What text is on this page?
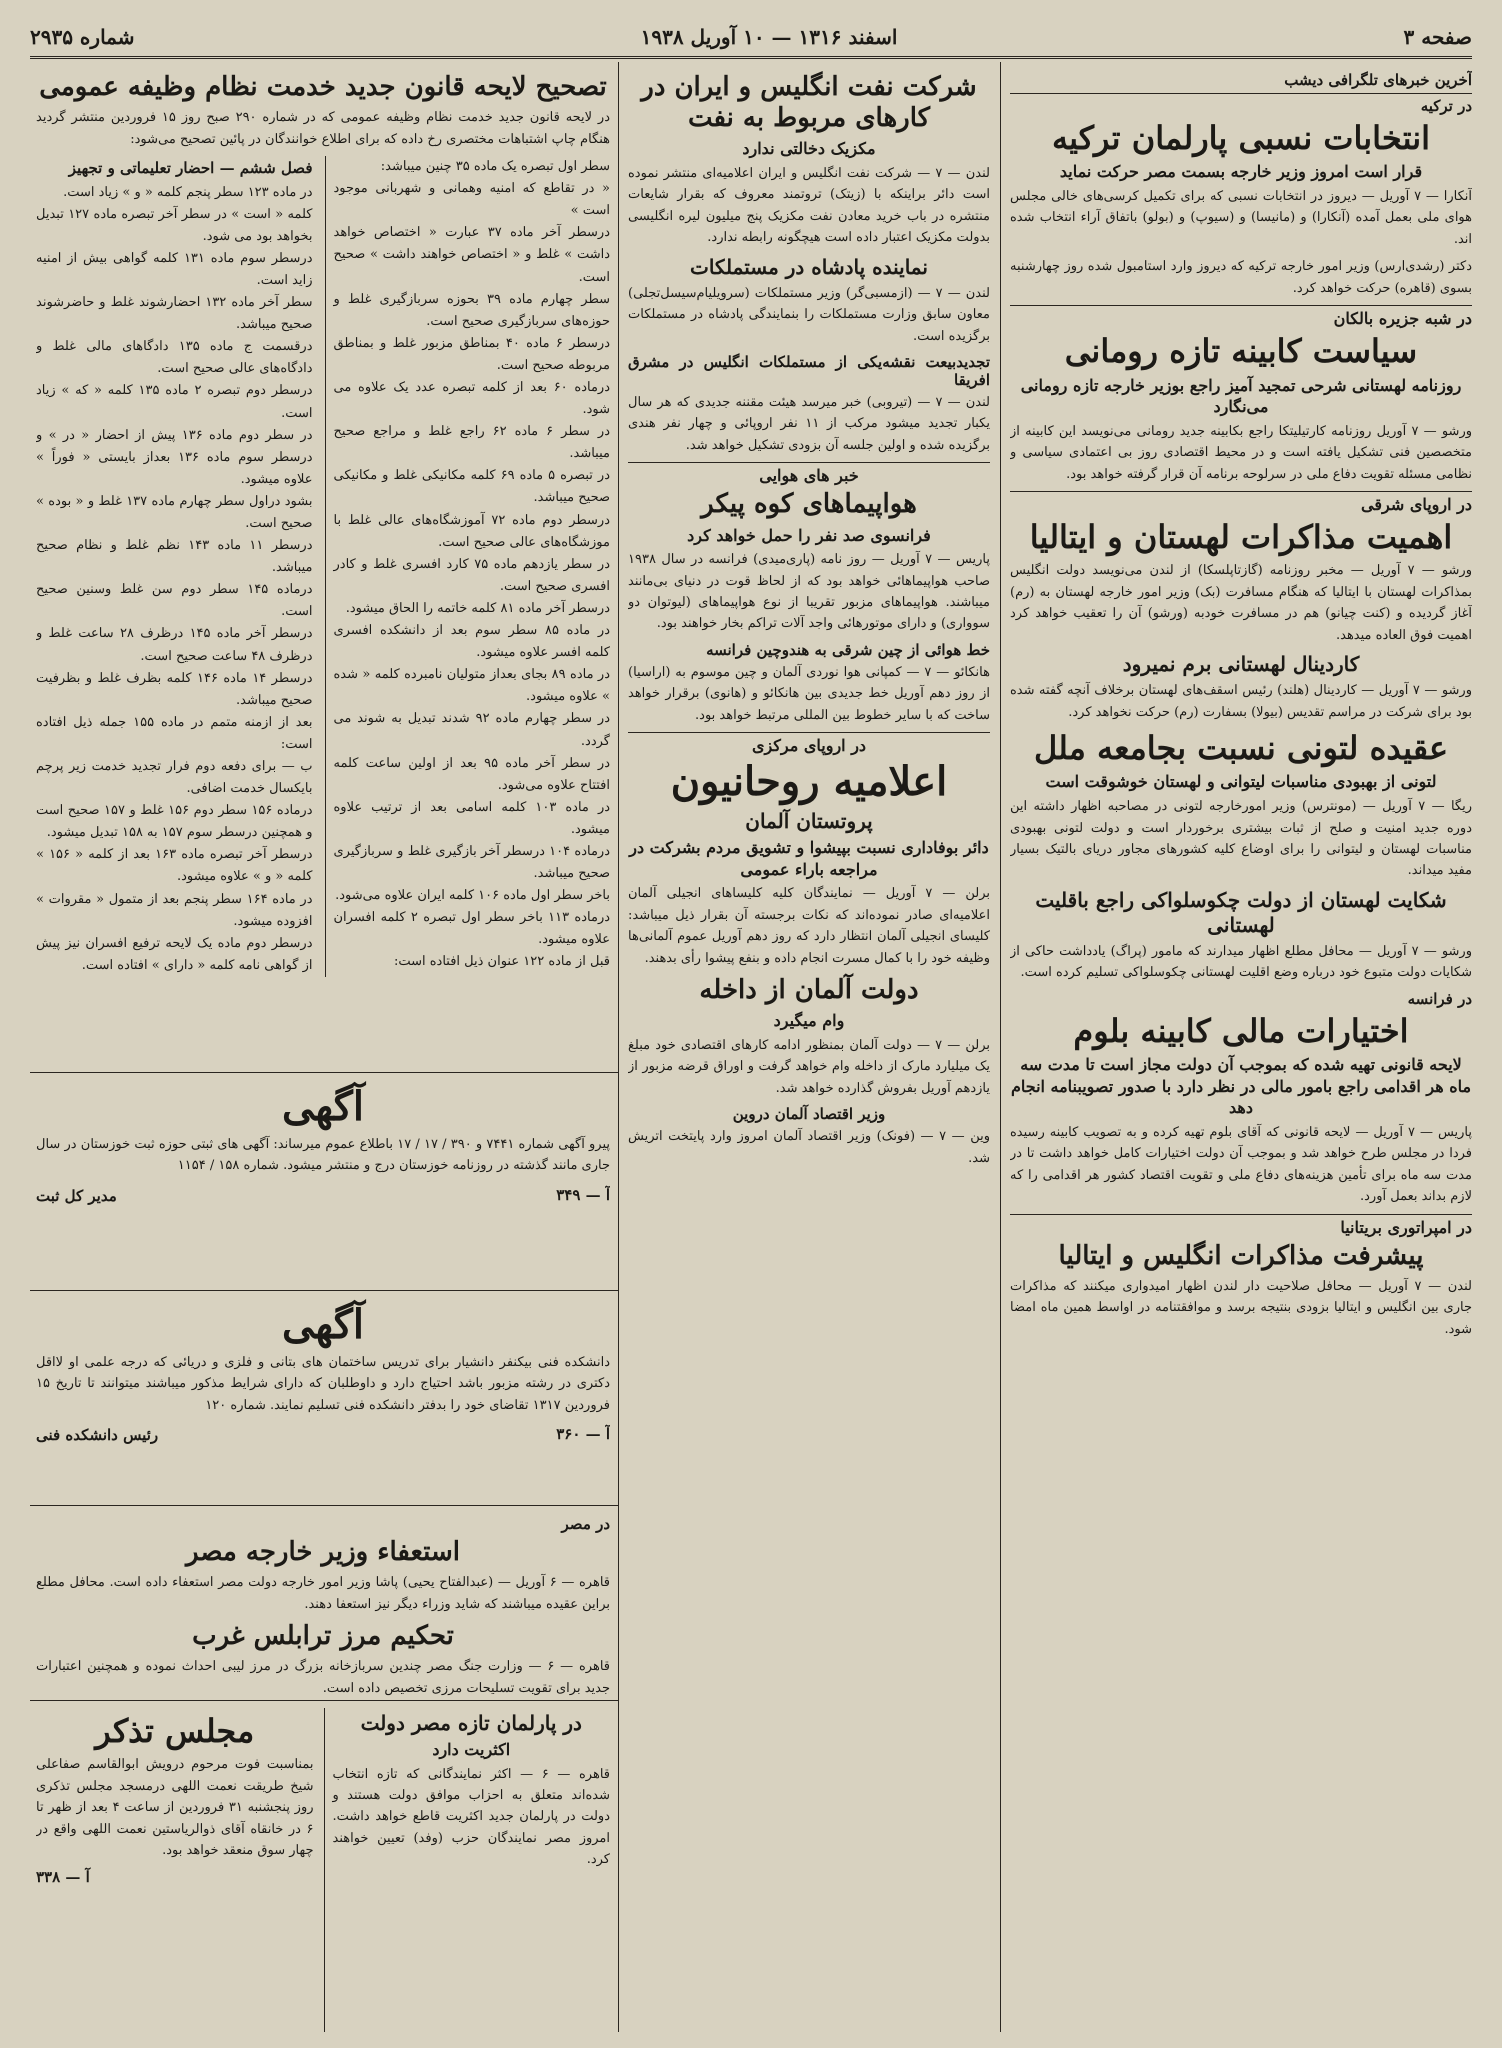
صفحه ۳
اسفند ۱۳۱۶ — ۱۰ آوریل ۱۹۳۸
شماره ۲۹۳۵
آخرین خبرهای تلگرافی دیشب
در ترکیه
انتخابات نسبی پارلمان ترکیه
قرار است امروز وزیر خارجه بسمت مصر حرکت نماید

آنکارا — ۷ آوریل — دیروز در انتخابات نسبی که برای تکمیل کرسی‌های خالی مجلس هوای ملی بعمل آمده (آنکارا) و (مانیسا) و (سیوپ) و (بولو) باتفاق آراء انتخاب شده اند.

دکتر (رشدی‌ارس) وزیر امور خارجه ترکیه که دیروز وارد استامبول شده روز چهارشنبه بسوی (قاهره) حرکت خواهد کرد.

در شبه جزیره بالکان
سیاست کابینه تازه رومانی
روزنامه لهستانی شرحی تمجید آمیز راجع بوزیر خارجه تازه رومانی می‌نگارد

ورشو — ۷ آوریل روزنامه کارتیلیتکا راجع بکابینه جدید رومانی می‌نویسد این کابینه از متخصصین فنی تشکیل یافته است و در محیط اقتصادی روز بی اعتمادی سیاسی و نظامی مسئله تقویت دفاع ملی در سرلوحه برنامه آن قرار گرفته خواهد بود.

در اروپای شرقی
اهمیت مذاکرات لهستان و ایتالیا

ورشو — ۷ آوریل — مخبر روزنامه (گازتاپلسکا) از لندن می‌نویسد دولت انگلیس بمذاکرات لهستان با ایتالیا که هنگام مسافرت (بک) وزیر امور خارجه لهستان به (رم) آغاز گردیده و (کنت چیانو) هم در مسافرت خودبه (ورشو) آن را تعقیب خواهد کرد اهمیت فوق العاده میدهد.

کاردینال لهستانی برم نمیرود

ورشو — ۷ آوریل — کاردینال (هلند) رئیس اسقف‌های لهستان برخلاف آنچه گفته شده بود برای شرکت در مراسم تقدیس (بیولا) بسفارت (رم) حرکت نخواهد کرد.

عقیده لتونی نسبت بجامعه ملل
لتونی از بهبودی مناسبات لیتوانی و لهستان خوشوقت است

ریگا — ۷ آوریل — (مونترس) وزیر امورخارجه لتونی در مصاحبه اظهار داشته این دوره جدید امنیت و صلح از ثبات بیشتری برخوردار است و دولت لتونی بهبودی مناسبات لهستان و لیتوانی را برای اوضاع کلیه کشورهای مجاور دریای بالتیک بسیار مفید میداند.

شکایت لهستان از دولت چکوسلواکی راجع باقلیت لهستانی

ورشو — ۷ آوریل — محافل مطلع اظهار میدارند که مامور (پراگ) یادداشت حاکی از شکایات دولت متبوع خود درباره وضع اقلیت لهستانی چکوسلواکی تسلیم کرده است.

در فرانسه
اختیارات مالی کابینه بلوم
لایحه قانونی تهیه شده که بموجب آن دولت مجاز است تا مدت سه ماه هر اقدامی راجع بامور مالی در نظر دارد با صدور تصویبنامه انجام دهد

پاریس — ۷ آوریل — لایحه قانونی که آقای بلوم تهیه کرده و به تصویب کابینه رسیده فردا در مجلس طرح خواهد شد و بموجب آن دولت اختیارات کامل خواهد داشت تا در مدت سه ماه برای تأمین هزینه‌های دفاع ملی و تقویت اقتصاد کشور هر اقدامی را که لازم بداند بعمل آورد.

در امپراتوری بریتانیا
پیشرفت مذاکرات انگلیس و ایتالیا

لندن — ۷ آوریل — محافل صلاحیت دار لندن اظهار امیدواری میکنند که مذاکرات جاری بین انگلیس و ایتالیا بزودی بنتیجه برسد و موافقتنامه در اواسط همین ماه امضا شود.

شرکت نفت انگلیس و ایران در کارهای مربوط به نفت
مکزیک دخالتی ندارد

لندن — ۷ — شرکت نفت انگلیس و ایران اعلامیه‌ای منتشر نموده است دائر براینکه با (زیتک) تروتمند معروف که بقرار شایعات منتشره در باب خرید معادن نفت مکزیک پنج میلیون لیره انگلیسی بدولت مکزیک اعتبار داده است هیچگونه رابطه ندارد.

نماینده پادشاه در مستملکات

لندن — ۷ — (ازمسبی‌گر) وزیر مستملکات (سرویلیام‌سیسل‌تجلی) معاون سابق وزارت مستملکات را بنمایندگی پادشاه در مستملکات برگزیده است.

تجدیدبیعت نقشه‌یکی از مستملکات انگلیس در مشرق افریقا

لندن — ۷ — (تیروبی) خبر میرسد هیئت مقننه جدیدی که هر سال یکبار تجدید میشود مرکب از ۱۱ نفر اروپائی و چهار نفر هندی برگزیده شده و اولین جلسه آن بزودی تشکیل خواهد شد.

خبر های هوایی
هواپیماهای کوه پیکر
فرانسوی صد نفر را حمل خواهد کرد

پاریس — ۷ آوریل — روز نامه (پاری‌میدی) فرانسه در سال ۱۹۳۸ صاحب هواپیماهائی خواهد بود که از لحاظ قوت در دنیای بی‌مانند میباشند. هواپیماهای مزبور تقریبا از نوع هواپیماهای (لیوتوان دو سوواری) و دارای موتورهائی واجد آلات تراکم بخار خواهند بود.

خط هوائی از چین شرقی به هندوچین فرانسه

هانکائو — ۷ — کمپانی هوا نوردی آلمان و چین موسوم به (اراسیا) از روز دهم آوریل خط جدیدی بین هانکائو و (هانوی) برقرار خواهد ساخت که با سایر خطوط بین المللی مرتبط خواهد بود.

در اروپای مرکزی
اعلامیه روحانیون
پروتستان آلمان
دائر بوفاداری نسبت بپیشوا و تشویق مردم بشرکت در مراجعه باراء عمومی

برلن — ۷ آوریل — نمایندگان کلیه کلیساهای انجیلی آلمان اعلامیه‌ای صادر نموده‌اند که نکات برجسته آن بقرار ذیل میباشد: کلیسای انجیلی آلمان انتظار دارد که روز دهم آوریل عموم آلمانی‌ها وظیفه خود را با کمال مسرت انجام داده و بنفع پیشوا رأی بدهند.

دولت آلمان از داخله
وام میگیرد

برلن — ۷ — دولت آلمان بمنظور ادامه کارهای اقتصادی خود مبلغ یک میلیارد مارک از داخله وام خواهد گرفت و اوراق قرضه مزبور از یازدهم آوریل بفروش گذارده خواهد شد.

وزیر اقتصاد آلمان دروین

وین — ۷ — (فونک) وزیر اقتصاد آلمان امروز وارد پایتخت اتریش شد.

تصحیح لایحه قانون جدید خدمت نظام وظیفه عمومی

در لایحه قانون جدید خدمت نظام وظیفه عمومی که در شماره ۲۹۰ صبح روز ۱۵ فروردین منتشر گردید هنگام چاپ اشتباهات مختصری رخ داده که برای اطلاع خوانندگان در پائین تصحیح می‌شود:

سطر اول تبصره یک ماده ۳۵ چنین میباشد:
« در تقاطع که امنیه وهمانی و شهربانی موجود است »
درسطر آخر ماده ۳۷ عبارت « اختصاص خواهد داشت » غلط و « اختصاص خواهند داشت » صحیح است.
سطر چهارم ماده ۳۹ بحوزه سربازگیری غلط و حوزه‌های سربازگیری صحیح است.
درسطر ۶ ماده ۴۰ بمناطق مزبور غلط و بمناطق مربوطه صحیح است.
درماده ۶۰ بعد از کلمه تبصره عدد یک علاوه می شود.
در سطر ۶ ماده ۶۲ راجع غلط و مراجع صحیح میباشد.
در تبصره ۵ ماده ۶۹ کلمه مکانیکی غلط و مکانیکی صحیح میباشد.
درسطر دوم ماده ۷۲ آموزشگاه‌های عالی غلط با موزشگاه‌های عالی صحیح است.
در سطر یازدهم ماده ۷۵ کارد افسری غلط و کادر افسری صحیح است.
درسطر آخر ماده ۸۱ کلمه خاتمه را الحاق میشود.
در ماده ۸۵ سطر سوم بعد از دانشکده افسری کلمه افسر علاوه میشود.
در ماده ۸۹ بجای بعداز متولیان نامبرده کلمه « شده » علاوه میشود.
در سطر چهارم ماده ۹۲ شدند تبدیل به شوند می گردد.
در سطر آخر ماده ۹۵ بعد از اولین ساعت کلمه افتتاح علاوه می‌شود.
در ماده ۱۰۳ کلمه اسامی بعد از ترتیب علاوه میشود.
درماده ۱۰۴ درسطر آخر بازگیری غلط و سربازگیری صحیح میباشد.
باخر سطر اول ماده ۱۰۶ کلمه ایران علاوه می‌شود.
درماده ۱۱۳ باخر سطر اول تبصره ۲ کلمه افسران علاوه میشود.
قبل از ماده ۱۲۲ عنوان ذیل افتاده است:
فصل ششم — احضار تعلیماتی و تجهیز
در ماده ۱۲۳ سطر پنجم کلمه « و » زیاد است.
کلمه « است » در سطر آخر تبصره ماده ۱۲۷ تبدیل بخواهد بود می شود.
درسطر سوم ماده ۱۳۱ کلمه گواهی بیش از امنیه زاید است.
سطر آخر ماده ۱۳۲ احضارشوند غلط و حاضرشوند صحیح میباشد.
درقسمت ج ماده ۱۳۵ دادگاهای مالی غلط و دادگاه‌های عالی صحیح است.
درسطر دوم تبصره ۲ ماده ۱۳۵ کلمه « که » زیاد است.
در سطر دوم ماده ۱۳۶ پیش از احضار « در » و درسطر سوم ماده ۱۳۶ بعداز بایستی « فوراً » علاوه میشود.
بشود دراول سطر چهارم ماده ۱۳۷ غلط و « بوده » صحیح است.
درسطر ۱۱ ماده ۱۴۳ نظم غلط و نظام صحیح میباشد.
درماده ۱۴۵ سطر دوم سن غلط وسنین صحیح است.
درسطر آخر ماده ۱۴۵ درظرف ۲۸ ساعت غلط و درظرف ۴۸ ساعت صحیح است.
درسطر ۱۴ ماده ۱۴۶ کلمه بظرف غلط و بظرفیت صحیح میباشد.
بعد از ازمنه متمم در ماده ۱۵۵ جمله ذیل افتاده است:
ب — برای دفعه دوم فرار تجدید خدمت زیر پرچم بایکسال خدمت اضافی.
درماده ۱۵۶ سطر دوم ۱۵۶ غلط و ۱۵۷ صحیح است و همچنین درسطر سوم ۱۵۷ به ۱۵۸ تبدیل میشود.
درسطر آخر تبصره ماده ۱۶۳ بعد از کلمه « ۱۵۶ » کلمه « و » علاوه میشود.
در ماده ۱۶۴ سطر پنجم بعد از متمول « مقروات » افزوده میشود.
درسطر دوم ماده یک لایحه ترفیع افسران نیز پیش از گواهی نامه کلمه « دارای » افتاده است.
آگهی

پیرو آگهی شماره ۷۴۴۱ و ۳۹۰ / ۱۷ / ۱۷ باطلاع عموم میرساند: آگهی های ثبتی حوزه ثبت خوزستان در سال جاری مانند گذشته در روزنامه خوزستان درج و منتشر میشود. شماره ۱۵۸ / ۱۱۵۴

آ — ۳۴۹
مدیر کل ثبت
آگهی

دانشکده فنی بیکنفر دانشیار برای تدریس ساختمان های بتانی و فلزی و دریائی که درجه علمی او لااقل دکتری در رشته مزبور باشد احتیاج دارد و داوطلبان که دارای شرایط مذکور میباشند میتوانند تا تاریخ ۱۵ فروردین ۱۳۱۷ تقاضای خود را بدفتر دانشکده فنی تسلیم نمایند. شماره ۱۲۰

آ — ۳۶۰
رئیس دانشکده فنی
در مصر
استعفاء وزیر خارجه مصر

قاهره — ۶ آوریل — (عبدالفتاح یحیی) پاشا وزیر امور خارجه دولت مصر استعفاء داده است. محافل مطلع براین عقیده میباشند که شاید وزراء دیگر نیز استعفا دهند.

تحکیم مرز ترابلس غرب

قاهره — ۶ — وزارت جنگ مصر چندین سربازخانه بزرگ در مرز لیبی احداث نموده و همچنین اعتبارات جدید برای تقویت تسلیحات مرزی تخصیص داده است.

در پارلمان تازه مصر دولت
اکثریت دارد

قاهره — ۶ — اکثر نمایندگانی که تازه انتخاب شده‌اند متعلق به احزاب موافق دولت هستند و دولت در پارلمان جدید اکثریت قاطع خواهد داشت. امروز مصر نمایندگان حزب (وفد) تعیین خواهند کرد.

مجلس تذکر

بمناسبت فوت مرحوم درویش ابوالقاسم صفاعلی شیخ طریقت نعمت اللهی درمسجد مجلس تذکری روز پنجشنبه ۳۱ فروردین از ساعت ۴ بعد از ظهر تا ۶ در خانقاه آقای ذوالریاستین نعمت اللهی واقع در چهار سوق منعقد خواهد بود.

آ — ۳۳۸
